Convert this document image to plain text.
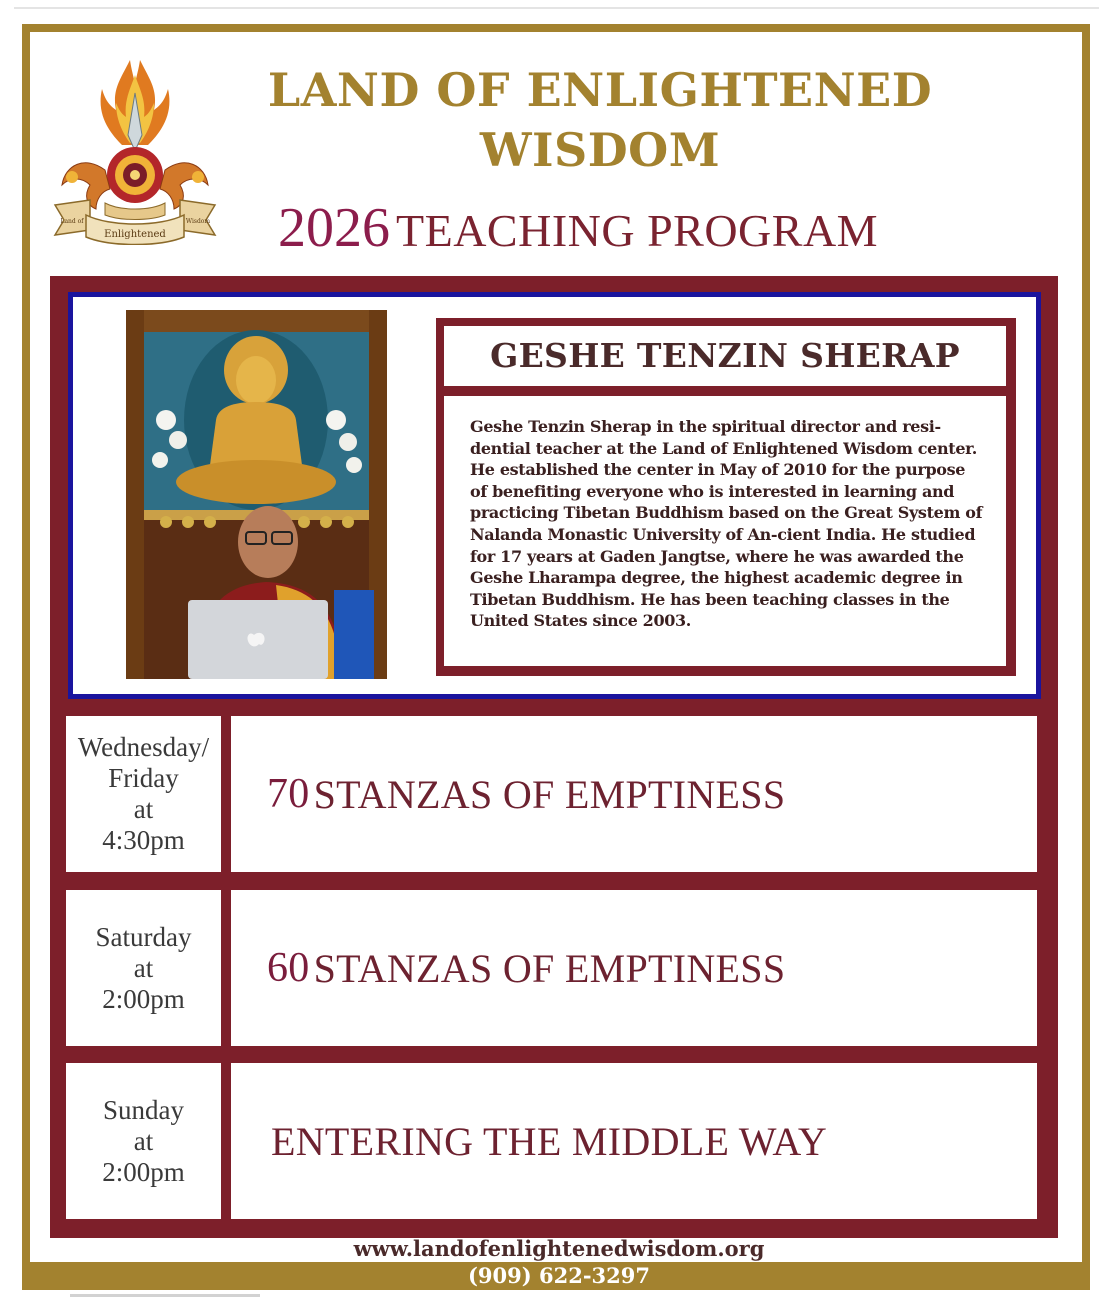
Enlightened
Land of	Wisdom
LAND OF ENLIGHTENED
WISDOM
2026 TEACHING PROGRAM
GESHE TENZIN SHERAP

Geshe Tenzin Sherap in the spiritual director and resi-dential teacher at the Land of Enlightened Wisdom center. He established the center in May of 2010 for the purpose of benefiting everyone who is interested in learning and practicing Tibetan Buddhism based on the Great System of Nalanda Monastic University of An-cient India. He studied for 17 years at Gaden Jangtse, where he was awarded the Geshe Lharampa degree, the highest academic degree in Tibetan Buddhism. He has been teaching classes in the United States since 2003.

Wednesday/
Friday
at
4:30pm
70 STANZAS OF EMPTINESS
Saturday
at
2:00pm
60 STANZAS OF EMPTINESS
Sunday
at
2:00pm
ENTERING THE MIDDLE WAY
www.landofenlightenedwisdom.org
(909) 622-3297
